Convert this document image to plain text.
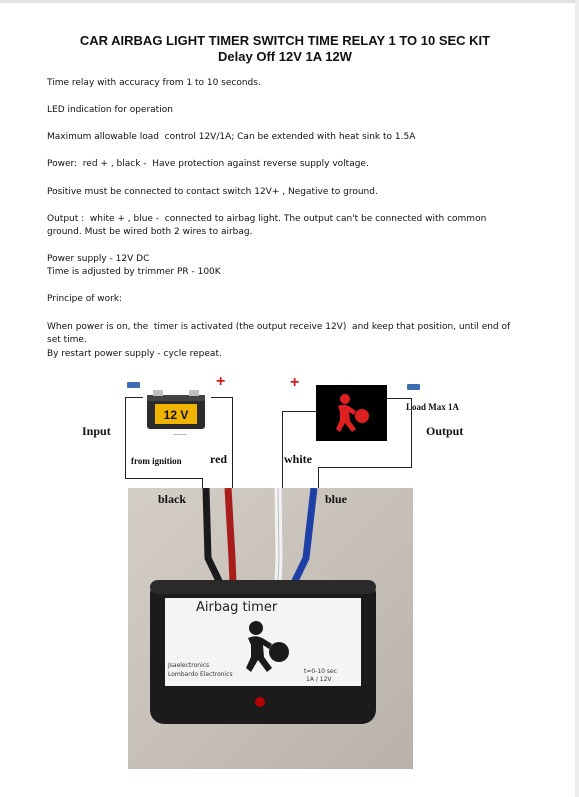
CAR AIRBAG LIGHT TIMER SWITCH TIME RELAY 1 TO 10 SEC KIT
Delay Off 12V 1A 12W
Time relay with accuracy from 1 to 10 seconds.
LED indication for operation
Maximum allowable load  control 12V/1A; Can be extended with heat sink to 1.5A
Power:  red + , black -  Have protection against reverse supply voltage.
Positive must be connected to contact switch 12V+ , Negative to ground.
Output :  white + , blue -  connected to airbag light. The output can't be connected with common
ground. Must be wired both 2 wires to airbag.
Power supply - 12V DC
Time is adjusted by trimmer PR - 100K
Principe of work:
When power is on, the  timer is activated (the output receive 12V)  and keep that position, until end of
set time.
By restart power supply - cycle repeat.
+	+
12 V
Input	Output
from ignition
Load Max 1A
red	white
black	blue
Airbag timer
Jsaelectronics
Lombardo Electronics	t=0-10 sec
1A / 12V
